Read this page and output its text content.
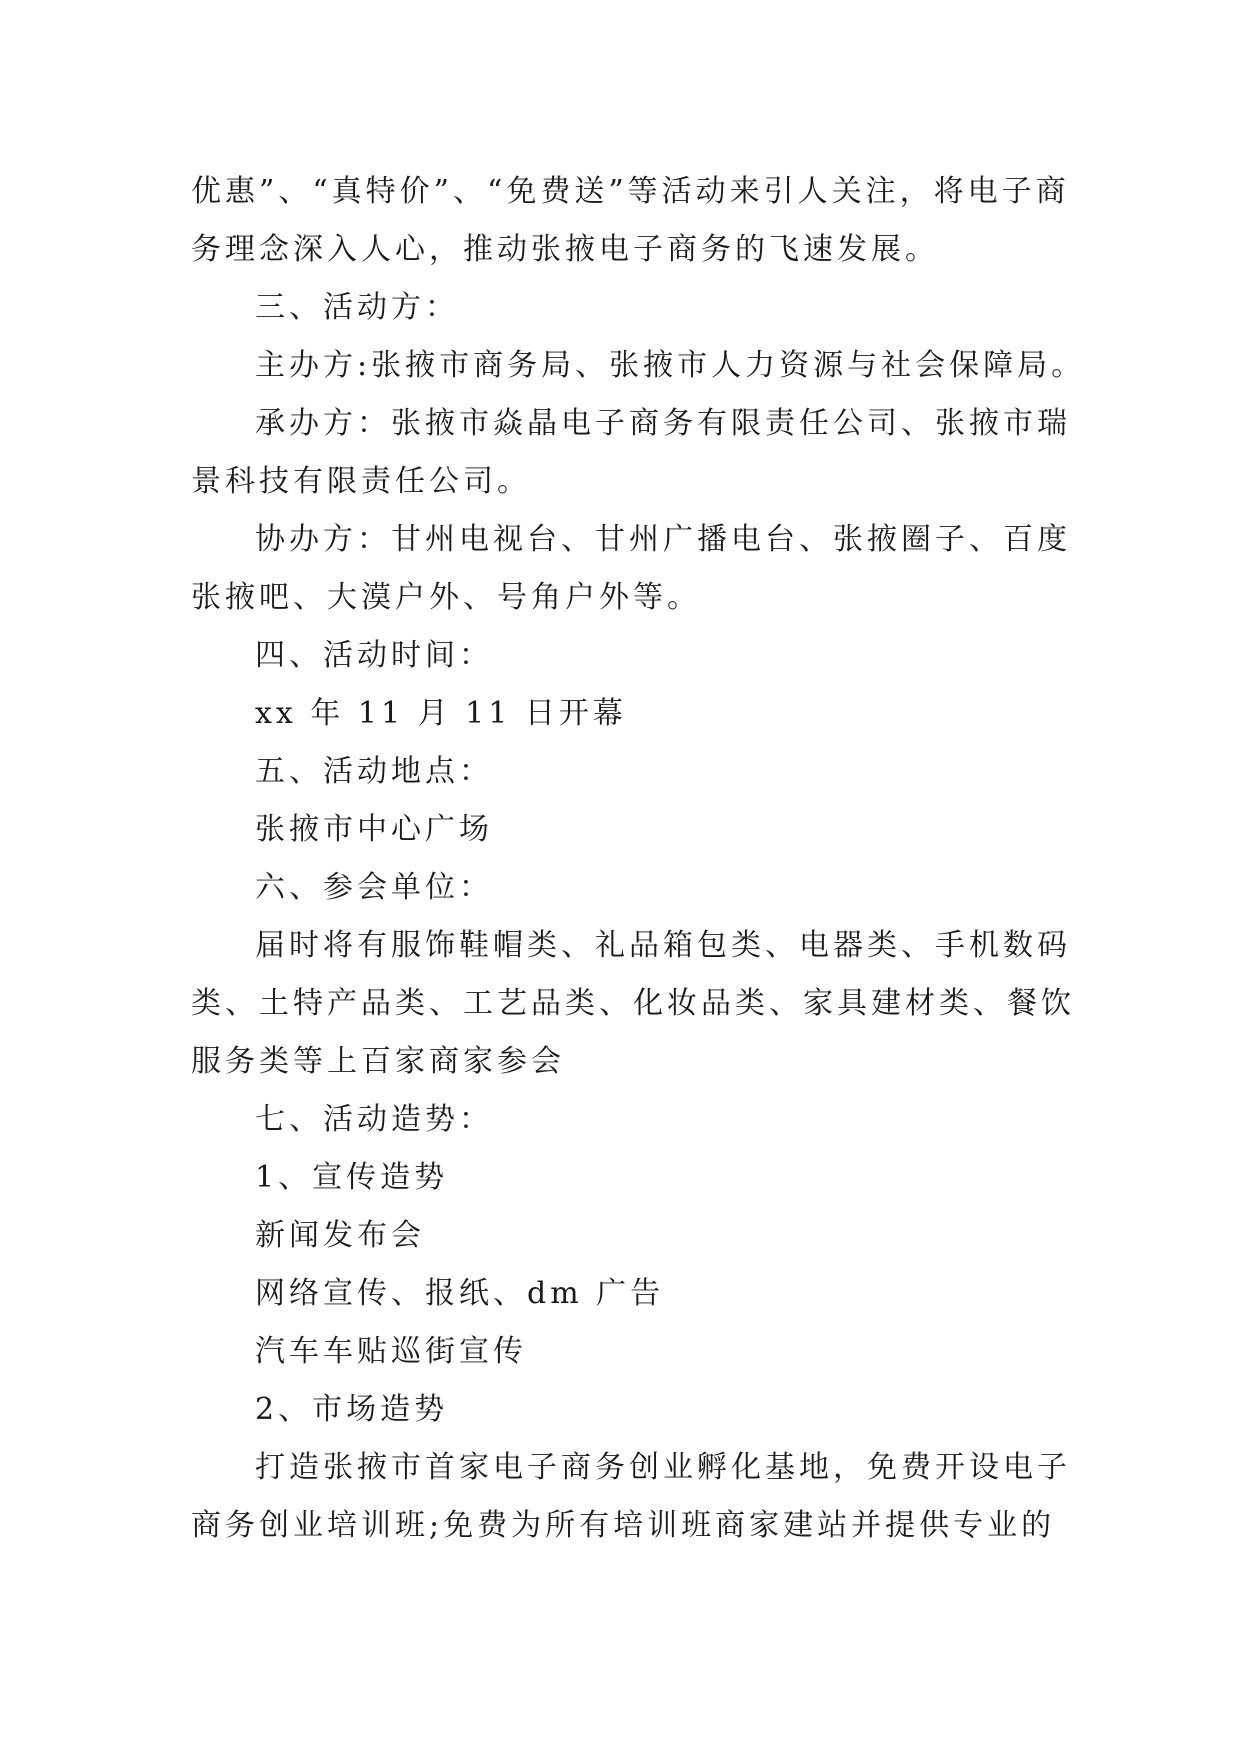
优惠”、“真特价”、“免费送”等活动来引人关注，将电子商
务理念深入人心，推动张掖电子商务的飞速发展。
三、活动方：
主办方:张掖市商务局、张掖市人力资源与社会保障局。
承办方：张掖市焱晶电子商务有限责任公司、张掖市瑞
景科技有限责任公司。
协办方：甘州电视台、甘州广播电台、张掖圈子、百度
张掖吧、大漠户外、号角户外等。
四、活动时间：
xx 年 11 月 11 日开幕
五、活动地点：
张掖市中心广场
六、参会单位：
届时将有服饰鞋帽类、礼品箱包类、电器类、手机数码
类、土特产品类、工艺品类、化妆品类、家具建材类、餐饮
服务类等上百家商家参会
七、活动造势：
1、宣传造势
新闻发布会
网络宣传、报纸、dm 广告
汽车车贴巡街宣传
2、市场造势
打造张掖市首家电子商务创业孵化基地，免费开设电子
商务创业培训班;免费为所有培训班商家建站并提供专业的
